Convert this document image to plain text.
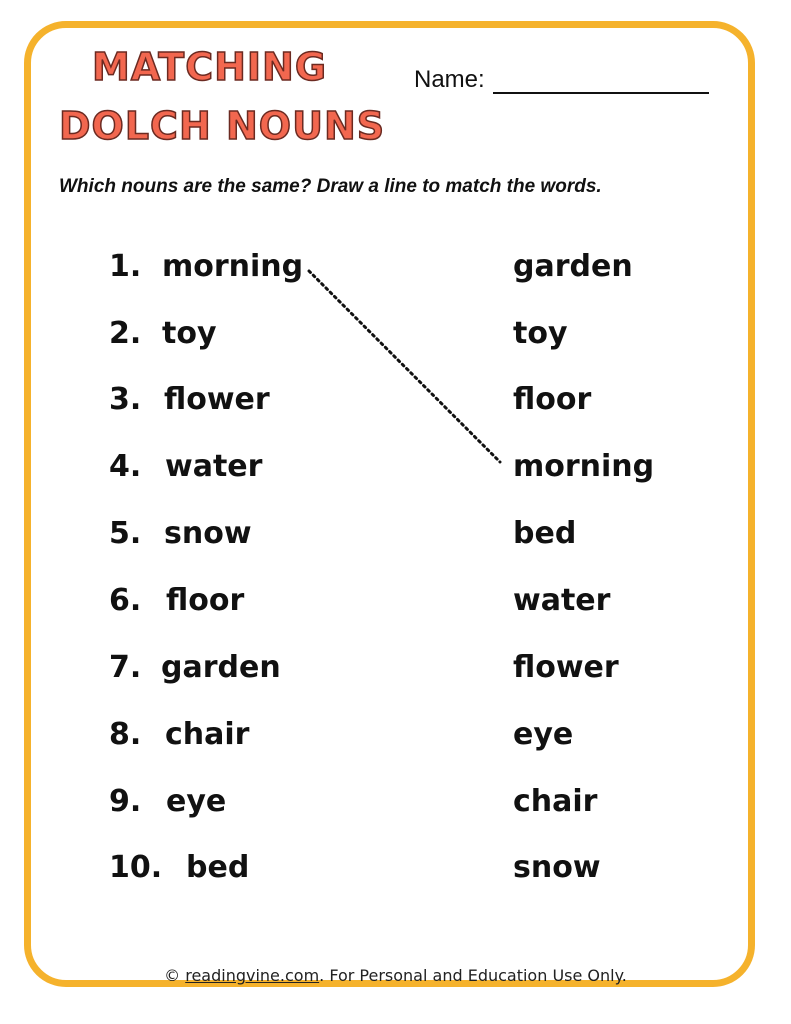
MATCHING
DOLCH NOUNS
Name:
Which nouns are the same? Draw a line to match the words.
1. morning	garden
2. toy	toy
3. flower	floor
4. water	morning
5. snow	bed
6. floor	water
7. garden	flower
8. chair	eye
9. eye	chair
10. bed	snow
© readingvine.com. For Personal and Education Use Only.
